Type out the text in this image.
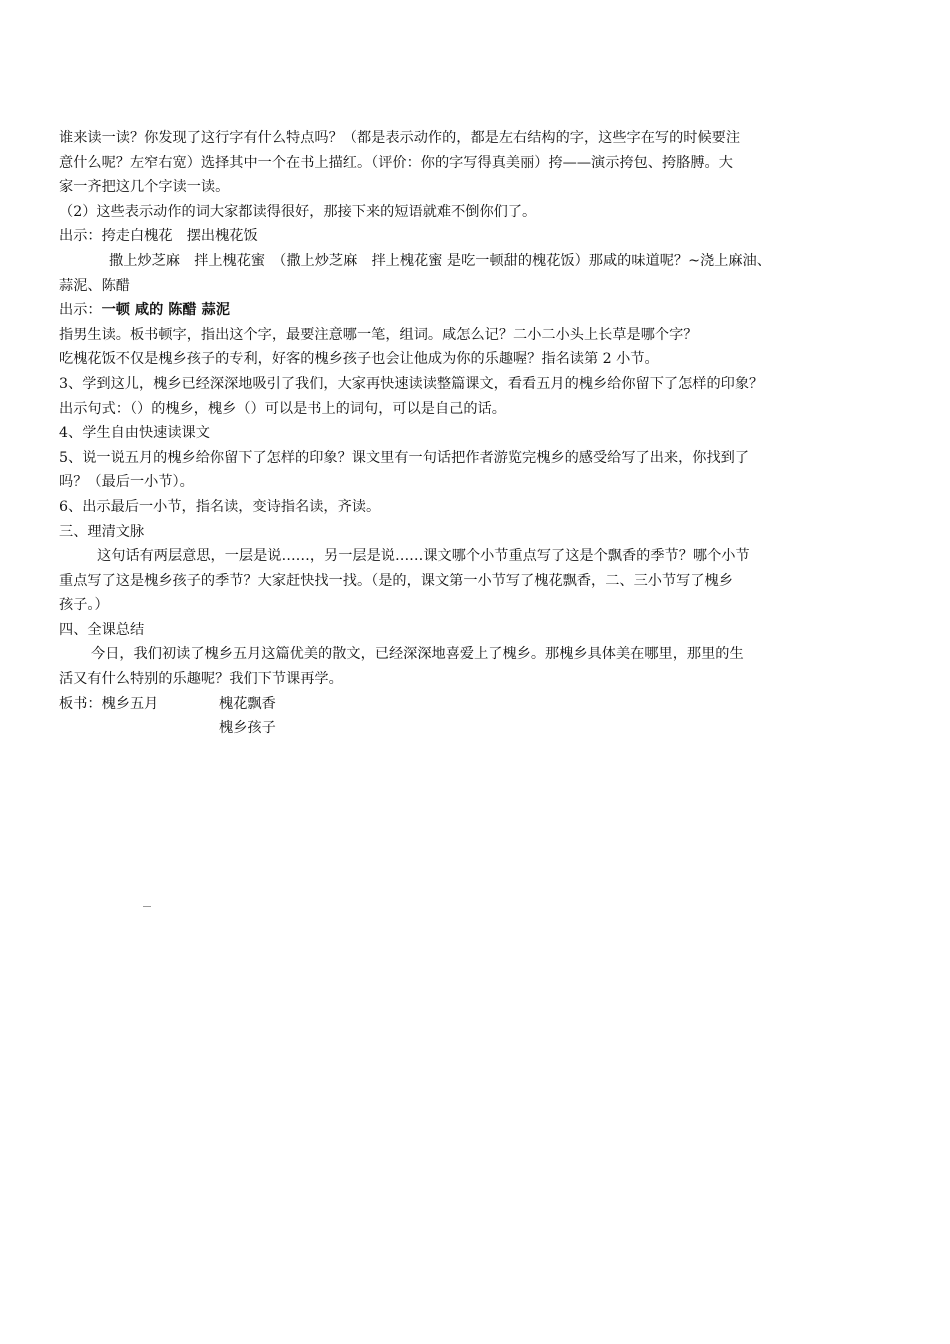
谁来读一读？你发现了这行字有什么特点吗？（都是表示动作的，都是左右结构的字，这些字在写的时候要注
意什么呢？左窄右宽）选择其中一个在书上描红。（评价：你的字写得真美丽）挎——演示挎包、挎胳膊。大
家一齐把这几个字读一读。
（2）这些表示动作的词大家都读得很好，那接下来的短语就难不倒你们了。
出示：挎走白槐花　摆出槐花饭
撒上炒芝麻　拌上槐花蜜　（撒上炒芝麻　拌上槐花蜜 是吃一顿甜的槐花饭）那咸的味道呢？~浇上麻油、
蒜泥、陈醋
出示：一顿 咸的 陈醋 蒜泥
指男生读。板书顿字，指出这个字，最要注意哪一笔，组词。咸怎么记？二小二小头上长草是哪个字？
吃槐花饭不仅是槐乡孩子的专利，好客的槐乡孩子也会让他成为你的乐趣喔？指名读第 2 小节。
3、学到这儿，槐乡已经深深地吸引了我们，大家再快速读读整篇课文，看看五月的槐乡给你留下了怎样的印象？
出示句式：（）的槐乡，槐乡（）可以是书上的词句，可以是自己的话。
4、学生自由快速读课文
5、说一说五月的槐乡给你留下了怎样的印象？课文里有一句话把作者游览完槐乡的感受给写了出来，你找到了
吗？（最后一小节）。
6、出示最后一小节，指名读，变诗指名读，齐读。
三、理清文脉
这句话有两层意思，一层是说……，另一层是说……课文哪个小节重点写了这是个飘香的季节？哪个小节
重点写了这是槐乡孩子的季节？大家赶快找一找。（是的，课文第一小节写了槐花飘香，二、三小节写了槐乡
孩子。）
四、全课总结
今日，我们初读了槐乡五月这篇优美的散文，已经深深地喜爱上了槐乡。那槐乡具体美在哪里，那里的生
活又有什么特别的乐趣呢？我们下节课再学。
板书：槐乡五月	槐花飘香
槐乡孩子
